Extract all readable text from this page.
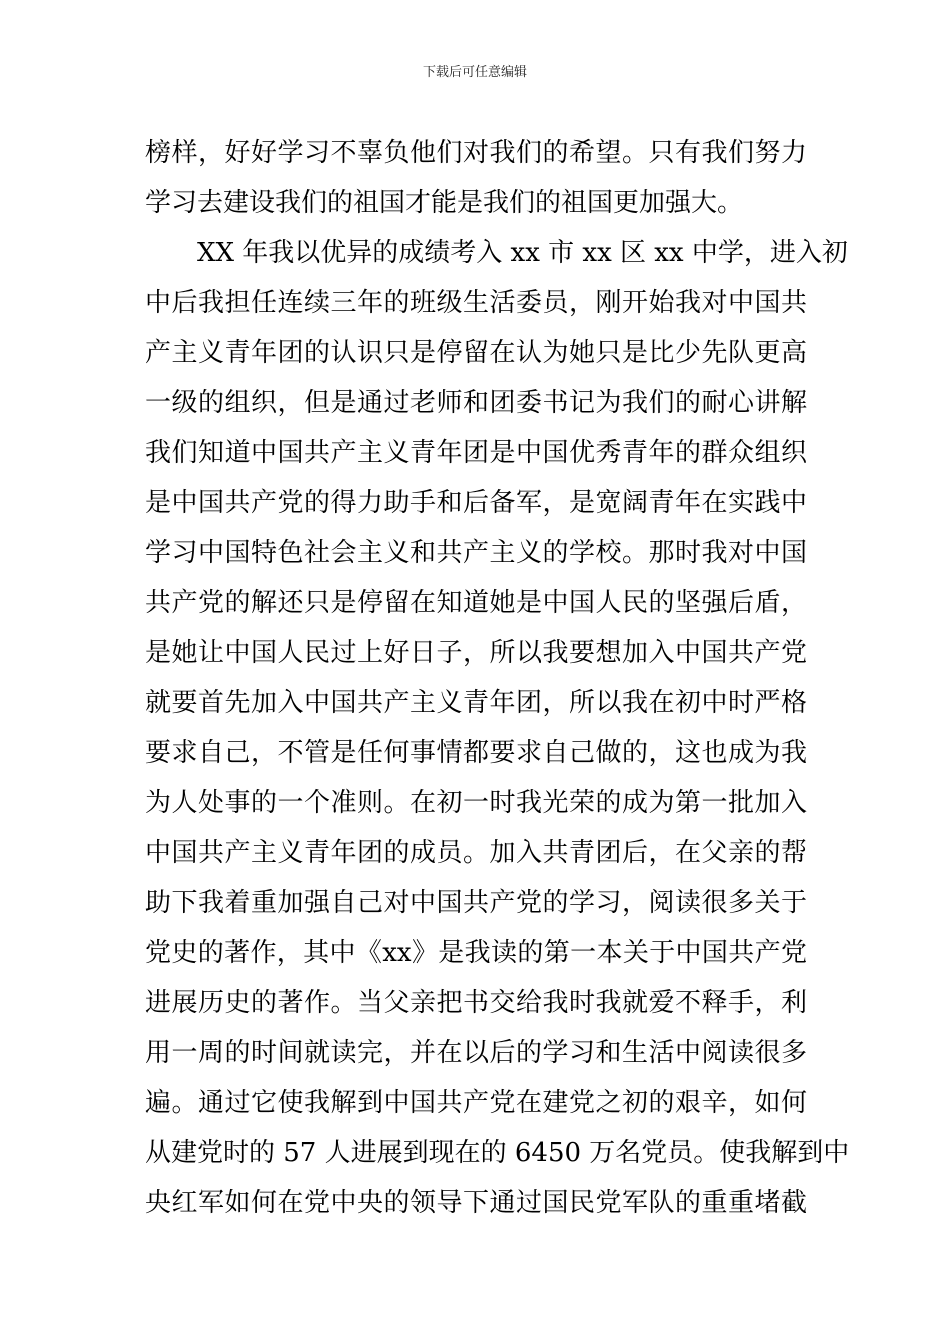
下载后可任意编辑
榜样，好好学习不辜负他们对我们的希望。只有我们努力
学习去建设我们的祖国才能是我们的祖国更加强大。
XX 年我以优异的成绩考入 xx 市 xx 区 xx 中学，进入初
中后我担任连续三年的班级生活委员，刚开始我对中国共
产主义青年团的认识只是停留在认为她只是比少先队更高
一级的组织，但是通过老师和团委书记为我们的耐心讲解
我们知道中国共产主义青年团是中国优秀青年的群众组织
是中国共产党的得力助手和后备军，是宽阔青年在实践中
学习中国特色社会主义和共产主义的学校。那时我对中国
共产党的解还只是停留在知道她是中国人民的坚强后盾，
是她让中国人民过上好日子，所以我要想加入中国共产党
就要首先加入中国共产主义青年团，所以我在初中时严格
要求自己，不管是任何事情都要求自己做的，这也成为我
为人处事的一个准则。在初一时我光荣的成为第一批加入
中国共产主义青年团的成员。加入共青团后，在父亲的帮
助下我着重加强自己对中国共产党的学习，阅读很多关于
党史的著作，其中《xx》是我读的第一本关于中国共产党
进展历史的著作。当父亲把书交给我时我就爱不释手，利
用一周的时间就读完，并在以后的学习和生活中阅读很多
遍。通过它使我解到中国共产党在建党之初的艰辛，如何
从建党时的 57 人进展到现在的 6450 万名党员。使我解到中
央红军如何在党中央的领导下通过国民党军队的重重堵截
